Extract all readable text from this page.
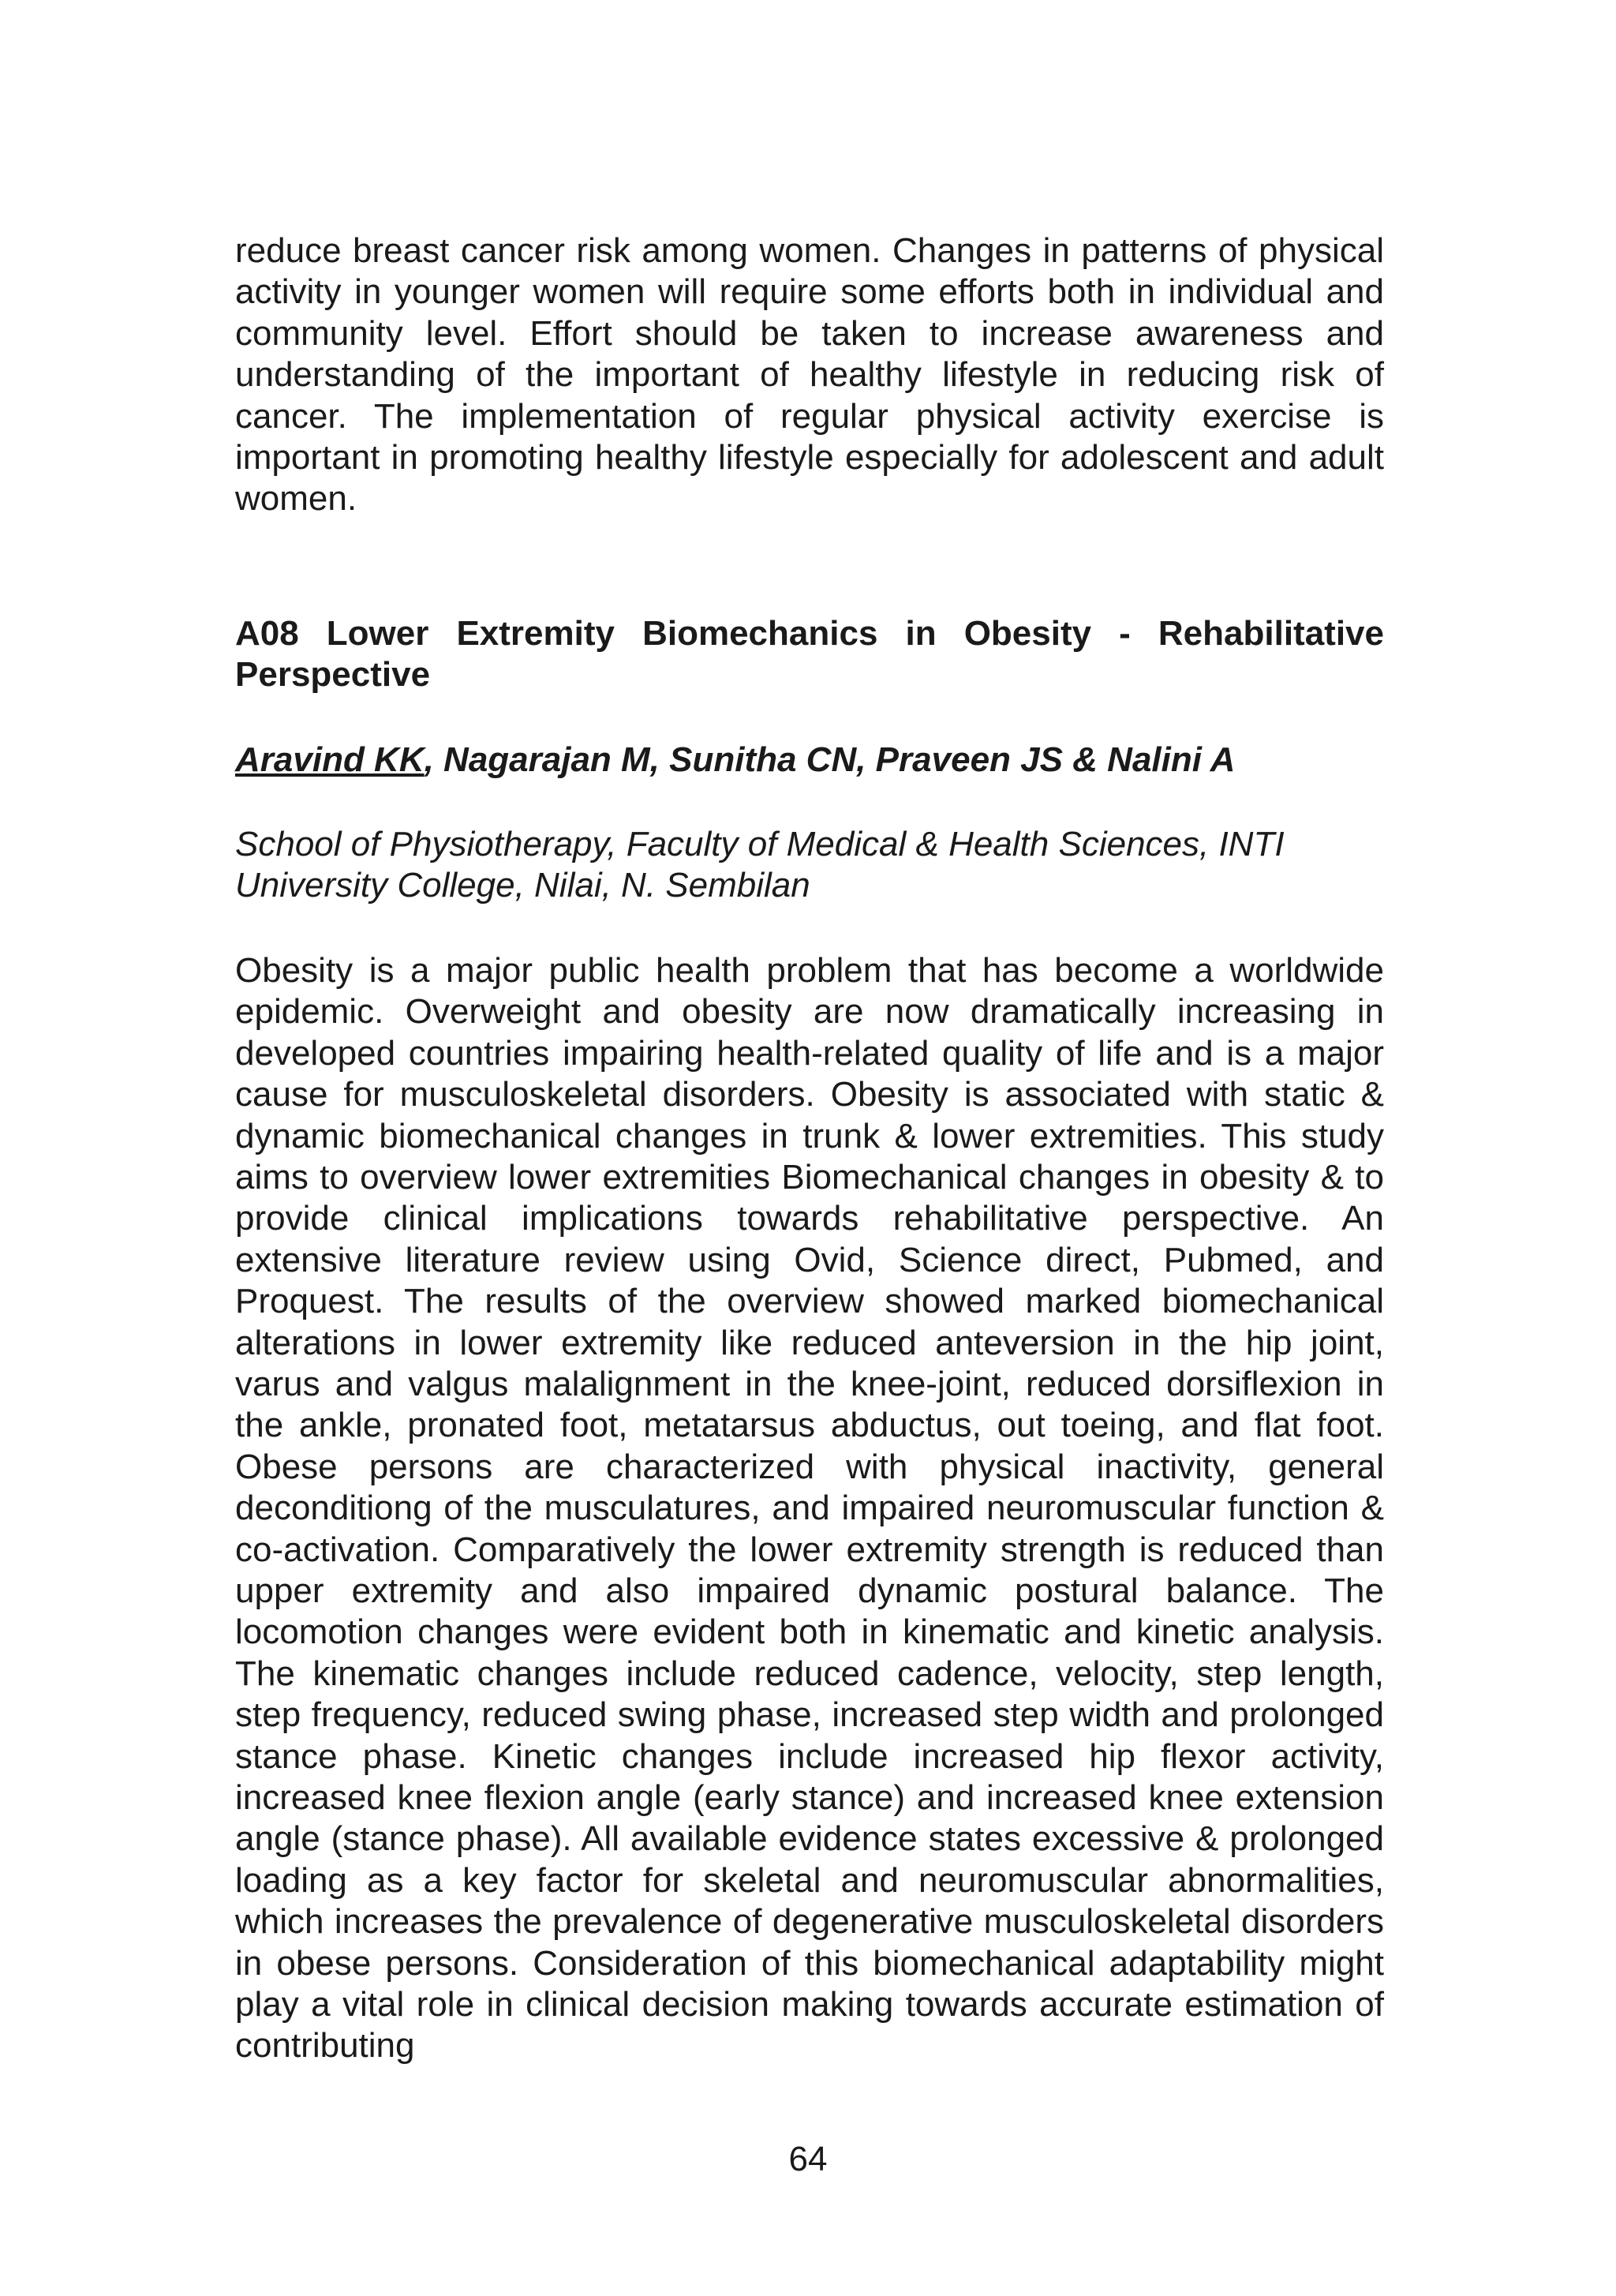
reduce breast cancer risk among women. Changes in patterns of physical activity in younger women will require some efforts both in individual and community level. Effort should be taken to increase awareness and understanding of the important of healthy lifestyle in reducing risk of cancer. The implementation of regular physical activity exercise is important in promoting healthy lifestyle especially for adolescent and adult women.

A08 Lower Extremity Biomechanics in Obesity - Rehabilitative Perspective
Aravind KK, Nagarajan M, Sunitha CN, Praveen JS & Nalini A
School of Physiotherapy, Faculty of Medical & Health Sciences, INTI University College, Nilai, N. Sembilan

Obesity is a major public health problem that has become a worldwide epidemic. Overweight and obesity are now dramatically increasing in developed countries impairing health-related quality of life and is a major cause for musculoskeletal disorders. Obesity is associated with static & dynamic biomechanical changes in trunk & lower extremities. This study aims to overview lower extremities Biomechanical changes in obesity & to provide clinical implications towards rehabilitative perspective. An extensive literature review using Ovid, Science direct, Pubmed, and Proquest. The results of the overview showed marked biomechanical alterations in lower extremity like reduced anteversion in the hip joint, varus and valgus malalignment in the knee-joint, reduced dorsiflexion in the ankle, pronated foot, metatarsus abductus, out toeing, and flat foot. Obese persons are characterized with physical inactivity, general deconditiong of the musculatures, and impaired neuromuscular function & co-activation. Comparatively the lower extremity strength is reduced than upper extremity and also impaired dynamic postural balance. The locomotion changes were evident both in kinematic and kinetic analysis. The kinematic changes include reduced cadence, velocity, step length, step frequency, reduced swing phase, increased step width and prolonged stance phase. Kinetic changes include increased hip flexor activity, increased knee flexion angle (early stance) and increased knee extension angle (stance phase). All available evidence states excessive & prolonged loading as a key factor for skeletal and neuromuscular abnormalities, which increases the prevalence of degenerative musculoskeletal disorders in obese persons. Consideration of this biomechanical adaptability might play a vital role in clinical decision making towards accurate estimation of contributing

64
